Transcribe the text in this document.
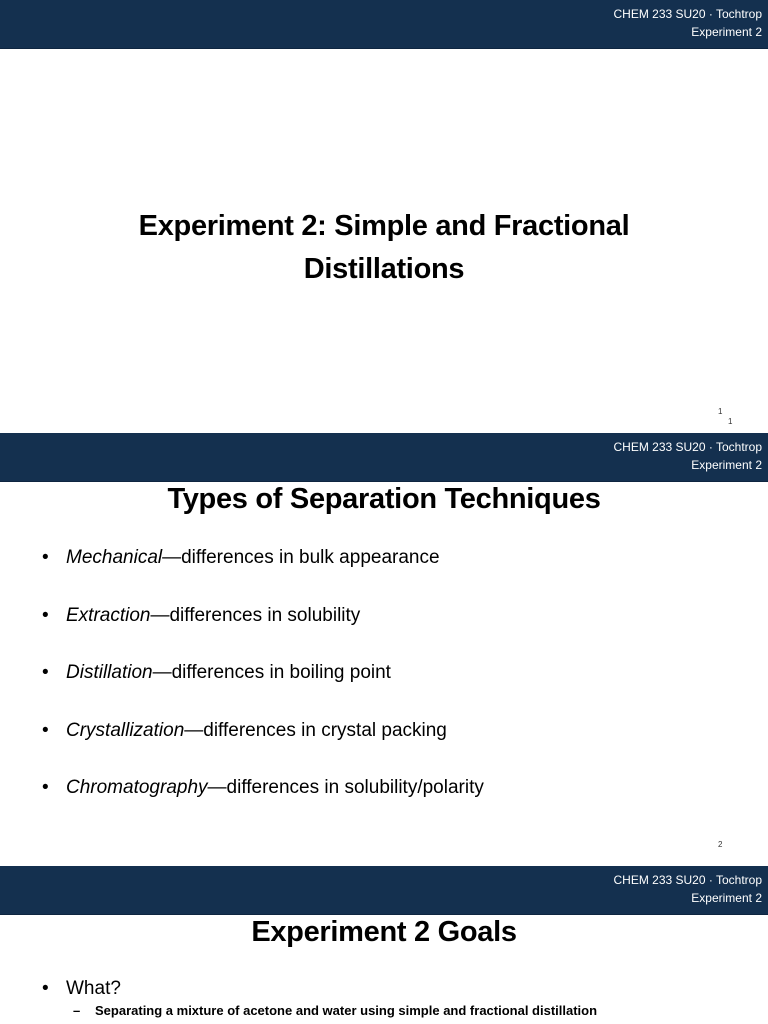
CHEM 233 SU20 · Tochtrop
Experiment 2
Experiment 2: Simple and Fractional
Distillations
1
1
CHEM 233 SU20 · Tochtrop
Experiment 2
Types of Separation Techniques
• Mechanical—differences in bulk appearance
• Extraction—differences in solubility
• Distillation—differences in boiling point
• Crystallization—differences in crystal packing
• Chromatography—differences in solubility/polarity
2
CHEM 233 SU20 · Tochtrop
Experiment 2
Experiment 2 Goals
• What?
– Separating a mixture of acetone and water using simple and fractional distillation
